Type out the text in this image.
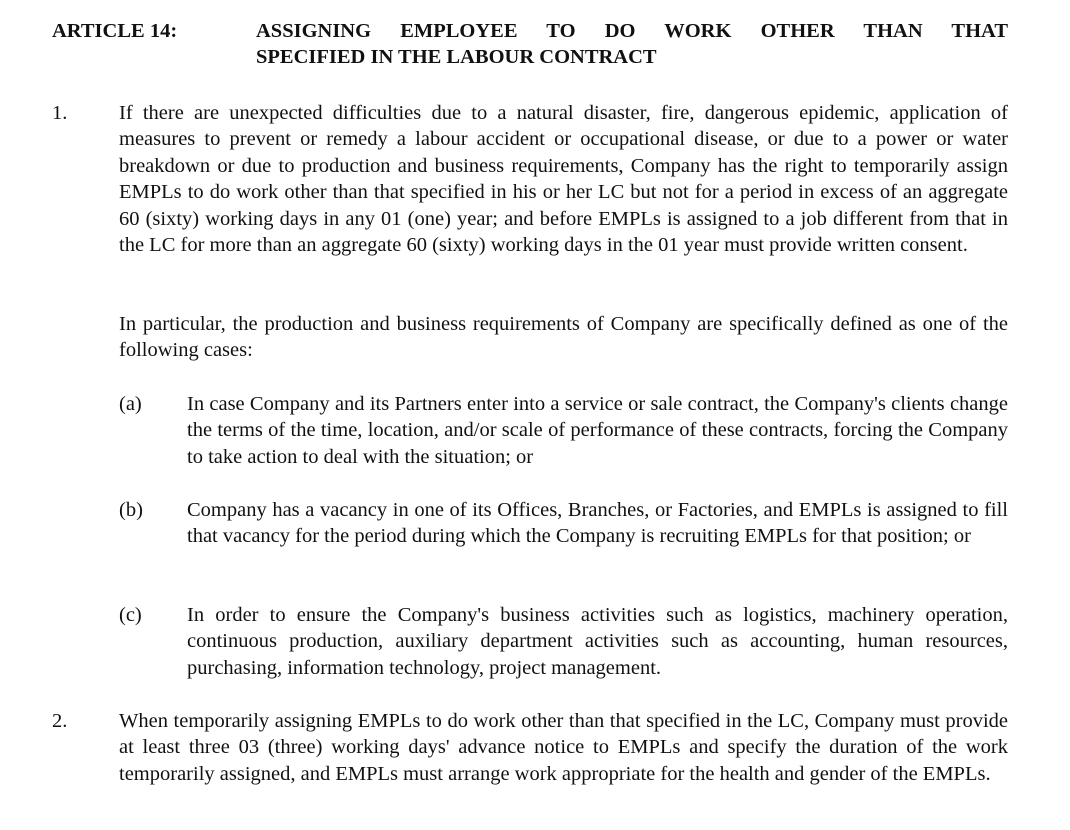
ARTICLE 14:	ASSIGNING EMPLOYEE TO DO WORK OTHER THAN THAT
SPECIFIED IN THE LABOUR CONTRACT
1.	If there are unexpected difficulties due to a natural disaster, fire, dangerous epidemic, application of measures to prevent or remedy a labour accident or occupational disease, or due to a power or water breakdown or due to production and business requirements, Company has the right to temporarily assign EMPLs to do work other than that specified in his or her LC but not for a period in excess of an aggregate 60 (sixty) working days in any 01 (one) year; and before EMPLs is assigned to a job different from that in the LC for more than an aggregate 60 (sixty) working days in the 01 year must provide written consent.

In particular, the production and business requirements of Company are specifically defined as one of the following cases:

(a) In case Company and its Partners enter into a service or sale contract, the Company's clients change the terms of the time, location, and/or scale of performance of these contracts, forcing the Company to take action to deal with the situation; or

(b) Company has a vacancy in one of its Offices, Branches, or Factories, and EMPLs is assigned to fill that vacancy for the period during which the Company is recruiting EMPLs for that position; or

(c) In order to ensure the Company's business activities such as logistics, machinery operation, continuous production, auxiliary department activities such as accounting, human resources, purchasing, information technology, project management.

2.	When temporarily assigning EMPLs to do work other than that specified in the LC, Company must provide at least three 03 (three) working days' advance notice to EMPLs and specify the duration of the work temporarily assigned, and EMPLs must arrange work appropriate for the health and gender of the EMPLs.
